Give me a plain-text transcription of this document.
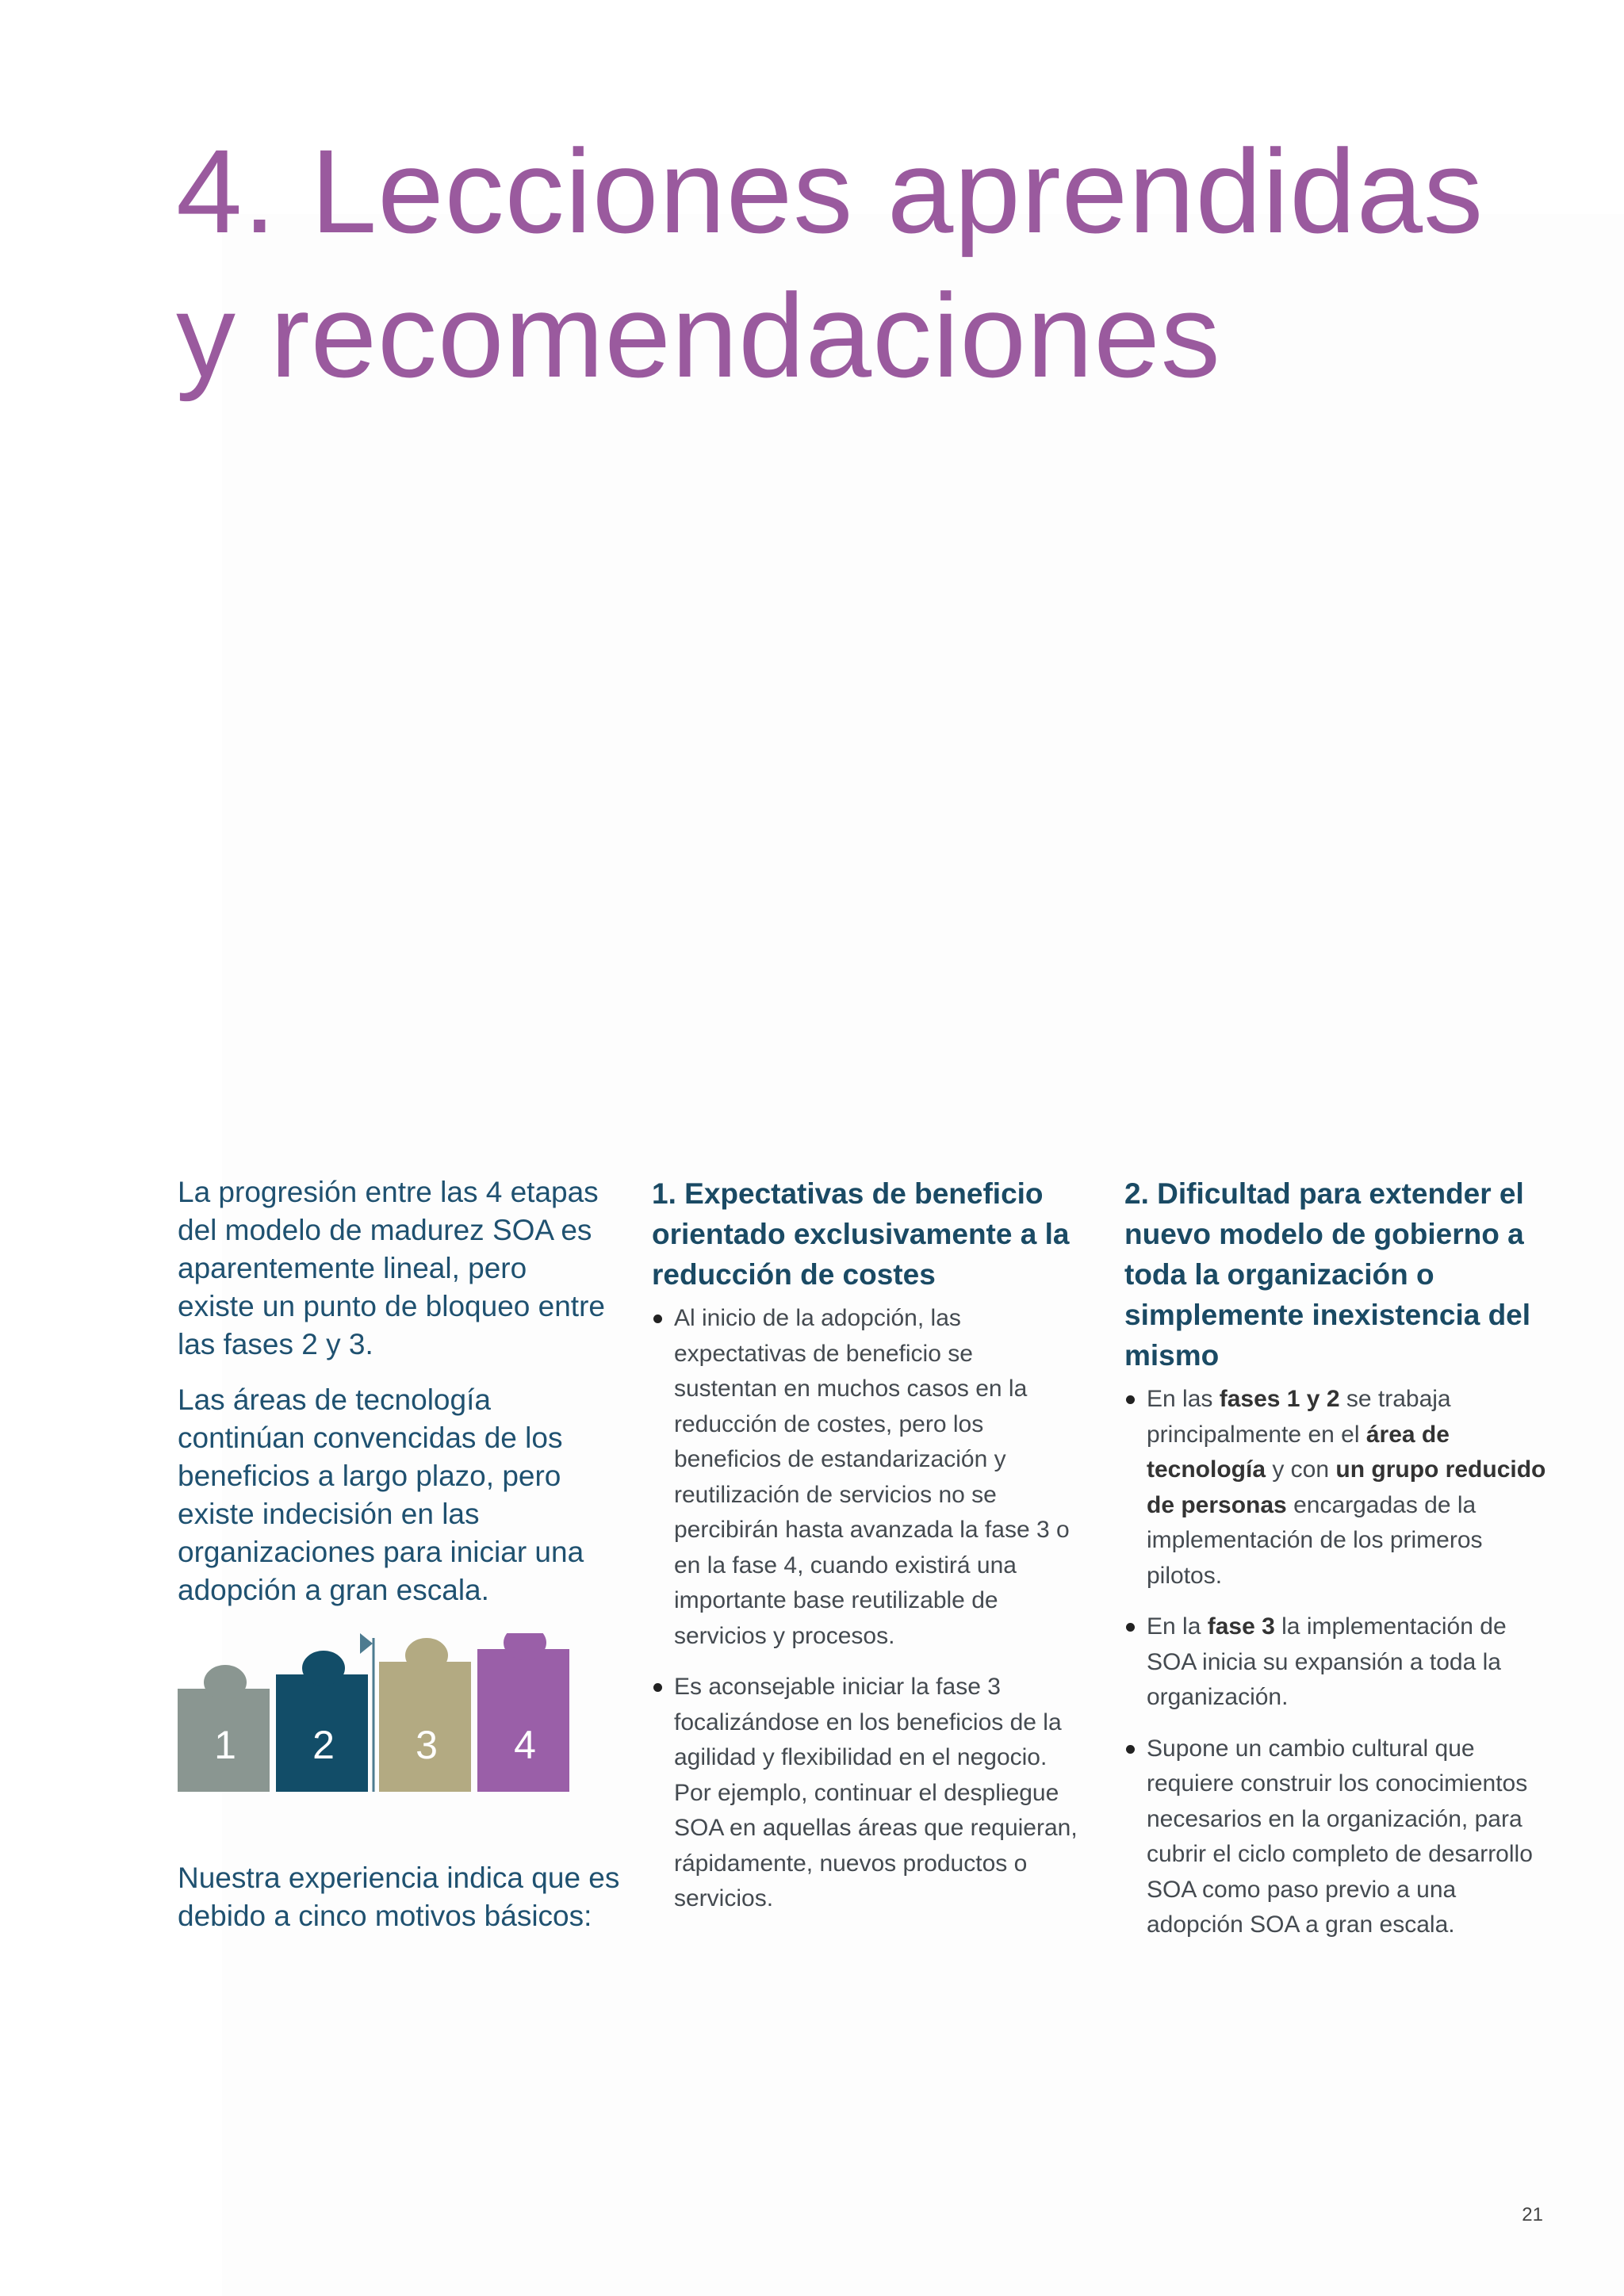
4. Lecciones aprendidas
y recomendaciones

La progresión entre las 4 etapas del modelo de madurez SOA es aparentemente lineal, pero existe un punto de bloqueo entre las fases 2 y 3.

Las áreas de tecnología continúan convencidas de los beneficios a largo plazo, pero existe indecisión en las organizaciones para iniciar una adopción a gran escala.

1 2 3 4

Nuestra experiencia indica que es debido a cinco motivos básicos:

1. Expectativas de beneficio orientado exclusivamente a la reducción de costes
Al inicio de la adopción, las expectativas de beneficio se sustentan en muchos casos en la reducción de costes, pero los beneficios de estandarización y reutilización de servicios no se percibirán hasta avanzada la fase 3 o en la fase 4, cuando existirá una importante base reutilizable de servicios y procesos.
Es aconsejable iniciar la fase 3 focalizándose en los beneficios de la agilidad y flexibilidad en el negocio. Por ejemplo, continuar el despliegue SOA en aquellas áreas que requieran, rápidamente, nuevos productos o servicios.
2. Dificultad para extender el nuevo modelo de gobierno a toda la organización o simplemente inexistencia del mismo
En las fases 1 y 2 se trabaja principalmente en el área de tecnología y con un grupo reducido de personas encargadas de la implementación de los primeros pilotos.
En la fase 3 la implementación de SOA inicia su expansión a toda la organización.
Supone un cambio cultural que requiere construir los conocimientos necesarios en la organización, para cubrir el ciclo completo de desarrollo SOA como paso previo a una adopción SOA a gran escala.
21
